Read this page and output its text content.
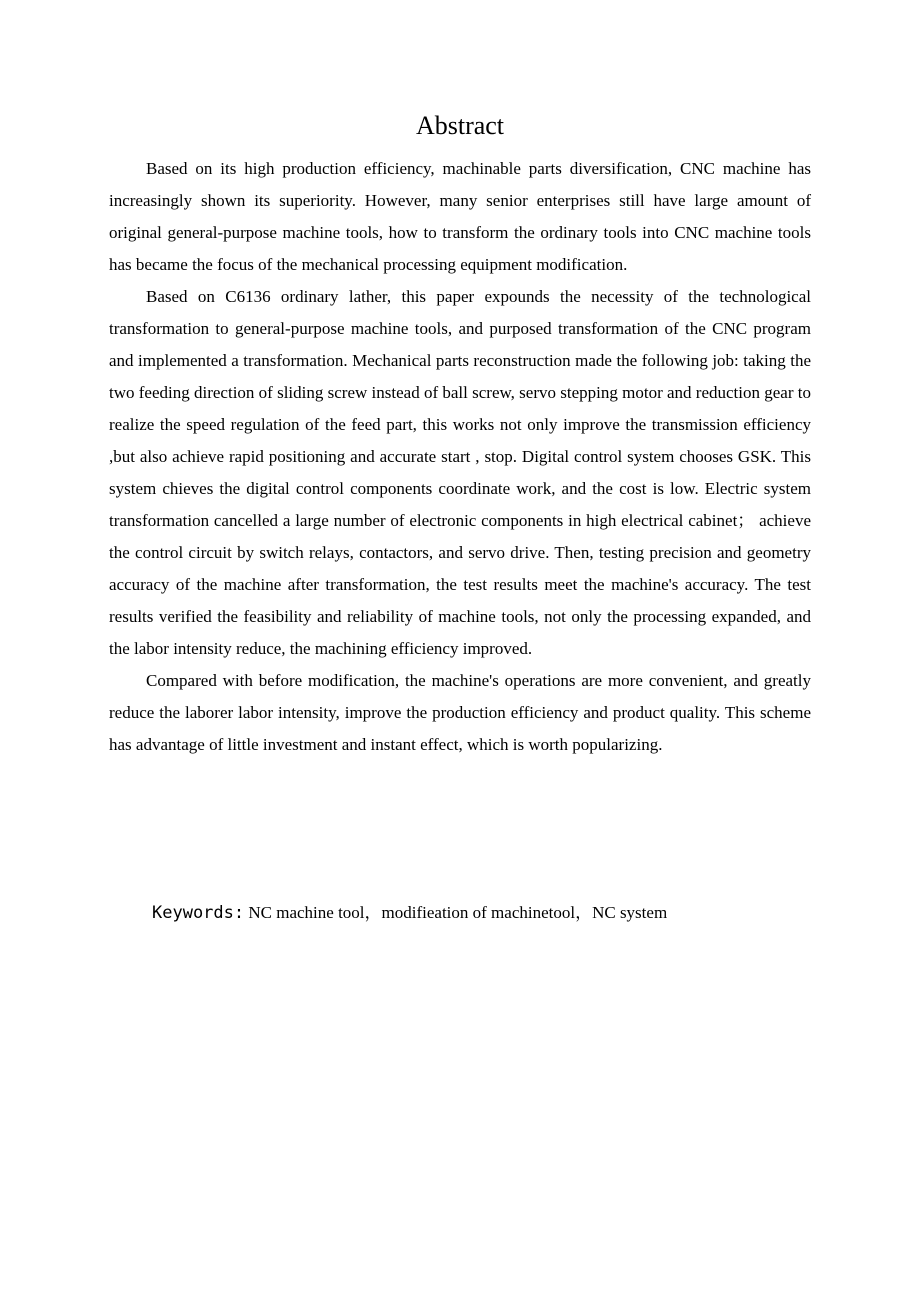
Abstract

Based on its high production efficiency, machinable parts diversification, CNC machine has increasingly shown its superiority. However, many senior enterprises still have large amount of original general-purpose machine tools, how to transform the ordinary tools into CNC machine tools has became the focus of the mechanical processing equipment modification.

Based on C6136 ordinary lather, this paper expounds the necessity of the technological transformation to general-purpose machine tools, and purposed transformation of the CNC program and implemented a transformation. Mechanical parts reconstruction made the following job: taking the two feeding direction of sliding screw instead of ball screw, servo stepping motor and reduction gear to realize the speed regulation of the feed part, this works not only improve the transmission efficiency ,but also achieve rapid positioning and accurate start , stop. Digital control system chooses GSK. This system chieves the digital control components coordinate work, and the cost is low. Electric system transformation cancelled a large number of electronic components in high electrical cabinet； achieve the control circuit by switch relays, contactors, and servo drive. Then, testing precision and geometry accuracy of the machine after transformation, the test results meet the machine's accuracy. The test results verified the feasibility and reliability of machine tools, not only the processing expanded, and the labor intensity reduce, the machining efficiency improved.

Compared with before modification, the machine's operations are more convenient, and greatly reduce the laborer labor intensity, improve the production efficiency and product quality. This scheme has advantage of little investment and instant effect, which is worth popularizing.

Keywords: NC machine tool，modifieation of machinetool，NC system
